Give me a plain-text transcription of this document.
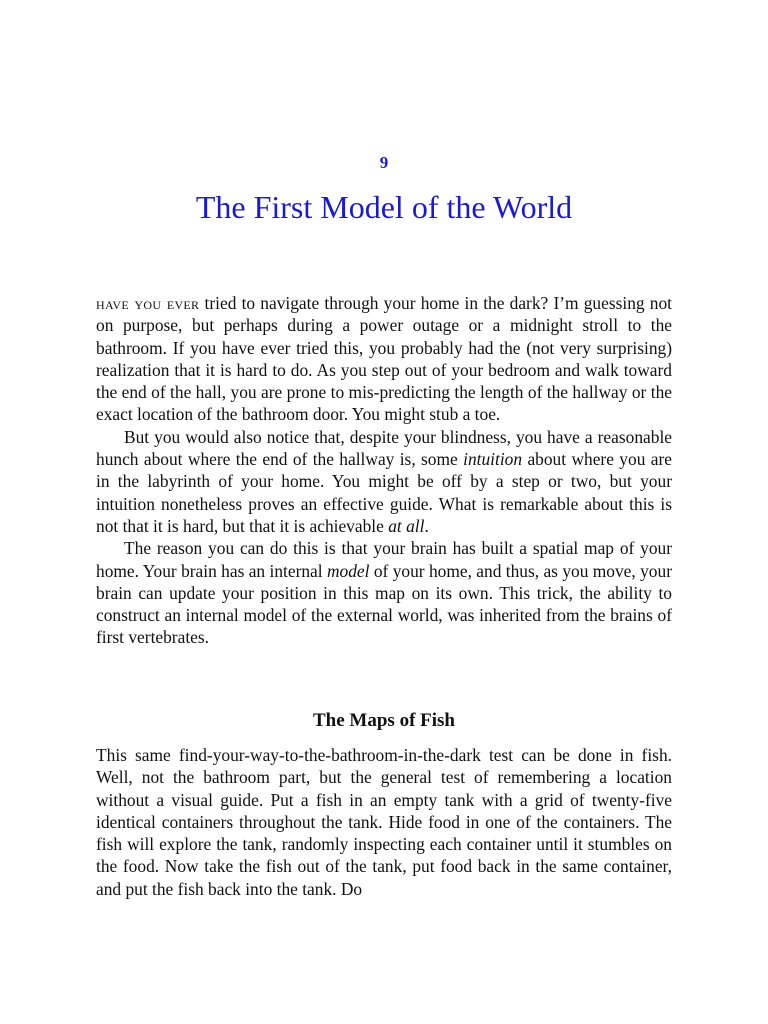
9
The First Model of the World

have you ever tried to navigate through your home in the dark? I’m guessing not on purpose, but perhaps during a power outage or a midnight stroll to the bathroom. If you have ever tried this, you probably had the (not very surprising) realization that it is hard to do. As you step out of your bedroom and walk toward the end of the hall, you are prone to mis-predicting the length of the hallway or the exact location of the bathroom door. You might stub a toe.

But you would also notice that, despite your blindness, you have a reasonable hunch about where the end of the hallway is, some intuition about where you are in the labyrinth of your home. You might be off by a step or two, but your intuition nonetheless proves an effective guide. What is remarkable about this is not that it is hard, but that it is achievable at all.

The reason you can do this is that your brain has built a spatial map of your home. Your brain has an internal model of your home, and thus, as you move, your brain can update your position in this map on its own. This trick, the ability to construct an internal model of the external world, was inherited from the brains of first vertebrates.

The Maps of Fish

This same find-your-way-to-the-bathroom-in-the-dark test can be done in fish. Well, not the bathroom part, but the general test of remembering a location without a visual guide. Put a fish in an empty tank with a grid of twenty-five identical containers throughout the tank. Hide food in one of the containers. The fish will explore the tank, randomly inspecting each container until it stumbles on the food. Now take the fish out of the tank, put food back in the same container, and put the fish back into the tank. Do
